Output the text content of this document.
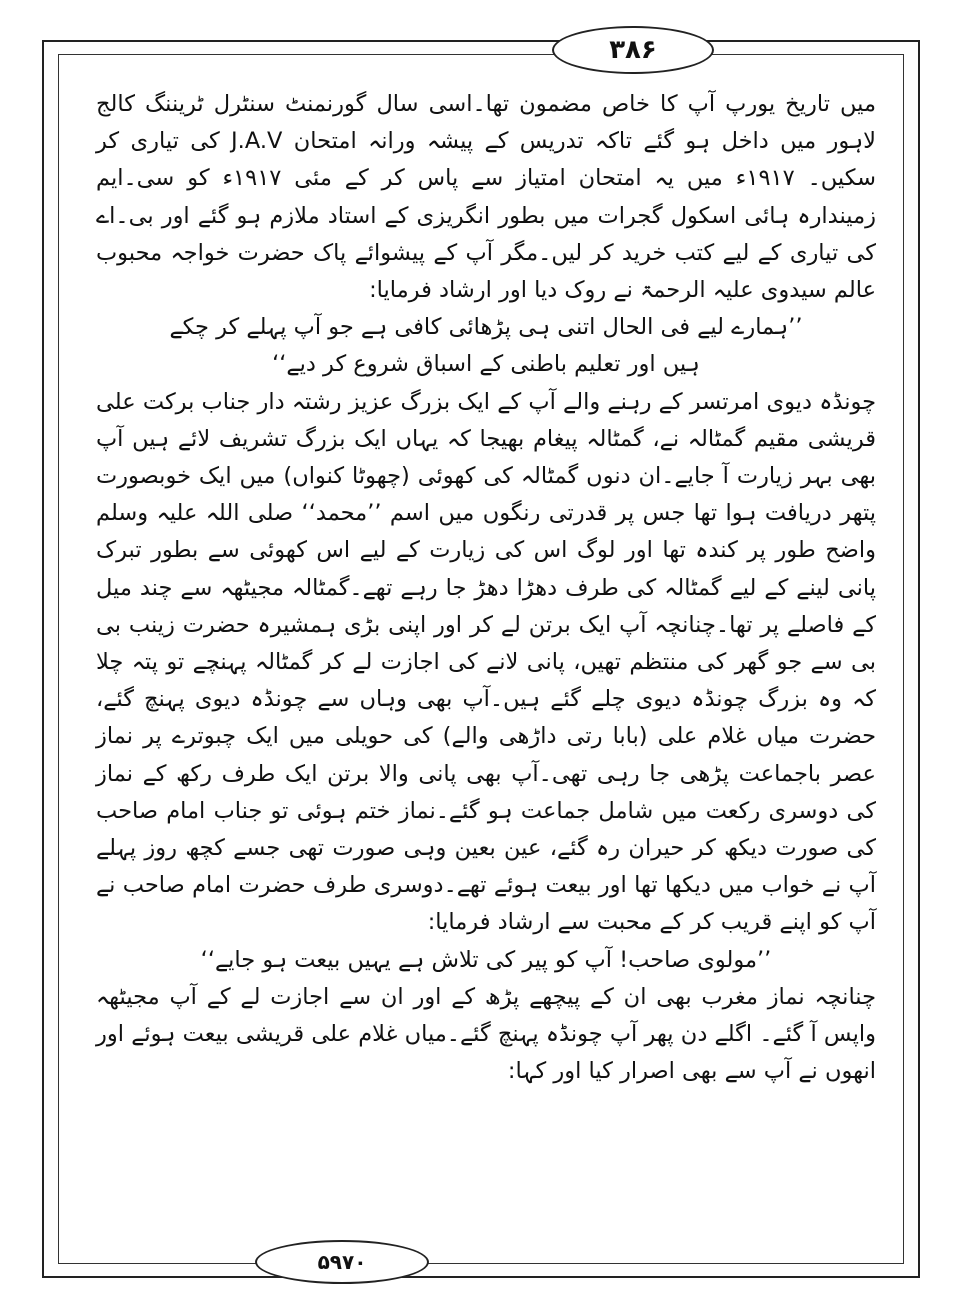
۳۸۶

میں تاریخ یورپ آپ کا خاص مضمون تھا۔اسی سال گورنمنٹ سنٹرل ٹریننگ کالج لاہور میں داخل ہو گئے تاکہ تدریس کے پیشہ ورانہ امتحان J.A.V کی تیاری کر سکیں۔ ۱۹۱۷ء میں یہ امتحان امتیاز سے پاس کر کے مئی ۱۹۱۷ء کو سی۔ایم زمیندارہ ہائی اسکول گجرات میں بطور انگریزی کے استاد ملازم ہو گئے اور بی۔اے کی تیاری کے لیے کتب خرید کر لیں۔مگر آپ کے پیشوائے پاک حضرت خواجہ محبوب عالم سیدوی علیہ الرحمۃ نے روک دیا اور ارشاد فرمایا:

’’ہمارے لیے فی الحال اتنی ہی پڑھائی کافی ہے جو آپ پہلے کر چکے

ہیں اور تعلیم باطنی کے اسباق شروع کر دیے‘‘

چونڈہ دیوی امرتسر کے رہنے والے آپ کے ایک بزرگ عزیز رشتہ دار جناب برکت علی قریشی مقیم گمٹالہ نے، گمٹالہ پیغام بھیجا کہ یہاں ایک بزرگ تشریف لائے ہیں آپ بھی بہر زیارت آ جایے۔ان دنوں گمٹالہ کی کھوئی (چھوٹا کنواں) میں ایک خوبصورت پتھر دریافت ہوا تھا جس پر قدرتی رنگوں میں اسم ’’محمد‘‘ صلی اللہ علیہ وسلم واضح طور پر کندہ تھا اور لوگ اس کی زیارت کے لیے اس کھوئی سے بطور تبرک پانی لینے کے لیے گمٹالہ کی طرف دھڑا دھڑ جا رہے تھے۔گمٹالہ مجیٹھہ سے چند میل کے فاصلے پر تھا۔چنانچہ آپ ایک برتن لے کر اور اپنی بڑی ہمشیرہ حضرت زینب بی بی سے جو گھر کی منتظم تھیں، پانی لانے کی اجازت لے کر گمٹالہ پہنچے تو پتہ چلا کہ وہ بزرگ چونڈہ دیوی چلے گئے ہیں۔آپ بھی وہاں سے چونڈہ دیوی پہنچ گئے، حضرت میاں غلام علی (بابا رتی داڑھی والے) کی حویلی میں ایک چبوترے پر نماز عصر باجماعت پڑھی جا رہی تھی۔آپ بھی پانی والا برتن ایک طرف رکھ کے نماز کی دوسری رکعت میں شامل جماعت ہو گئے۔نماز ختم ہوئی تو جناب امام صاحب کی صورت دیکھ کر حیران رہ گئے، عین بعین وہی صورت تھی جسے کچھ روز پہلے آپ نے خواب میں دیکھا تھا اور بیعت ہوئے تھے۔دوسری طرف حضرت امام صاحب نے آپ کو اپنے قریب کر کے محبت سے ارشاد فرمایا:

’’مولوی صاحب! آپ کو پیر کی تلاش ہے یہیں بیعت ہو جایے‘‘

چنانچہ نماز مغرب بھی ان کے پیچھے پڑھ کے اور ان سے اجازت لے کے آپ مجیٹھہ واپس آ گئے۔ اگلے دن پھر آپ چونڈہ پہنچ گئے۔میاں غلام علی قریشی بیعت ہوئے اور انھوں نے آپ سے بھی اصرار کیا اور کہا:

۵۹۷۰
